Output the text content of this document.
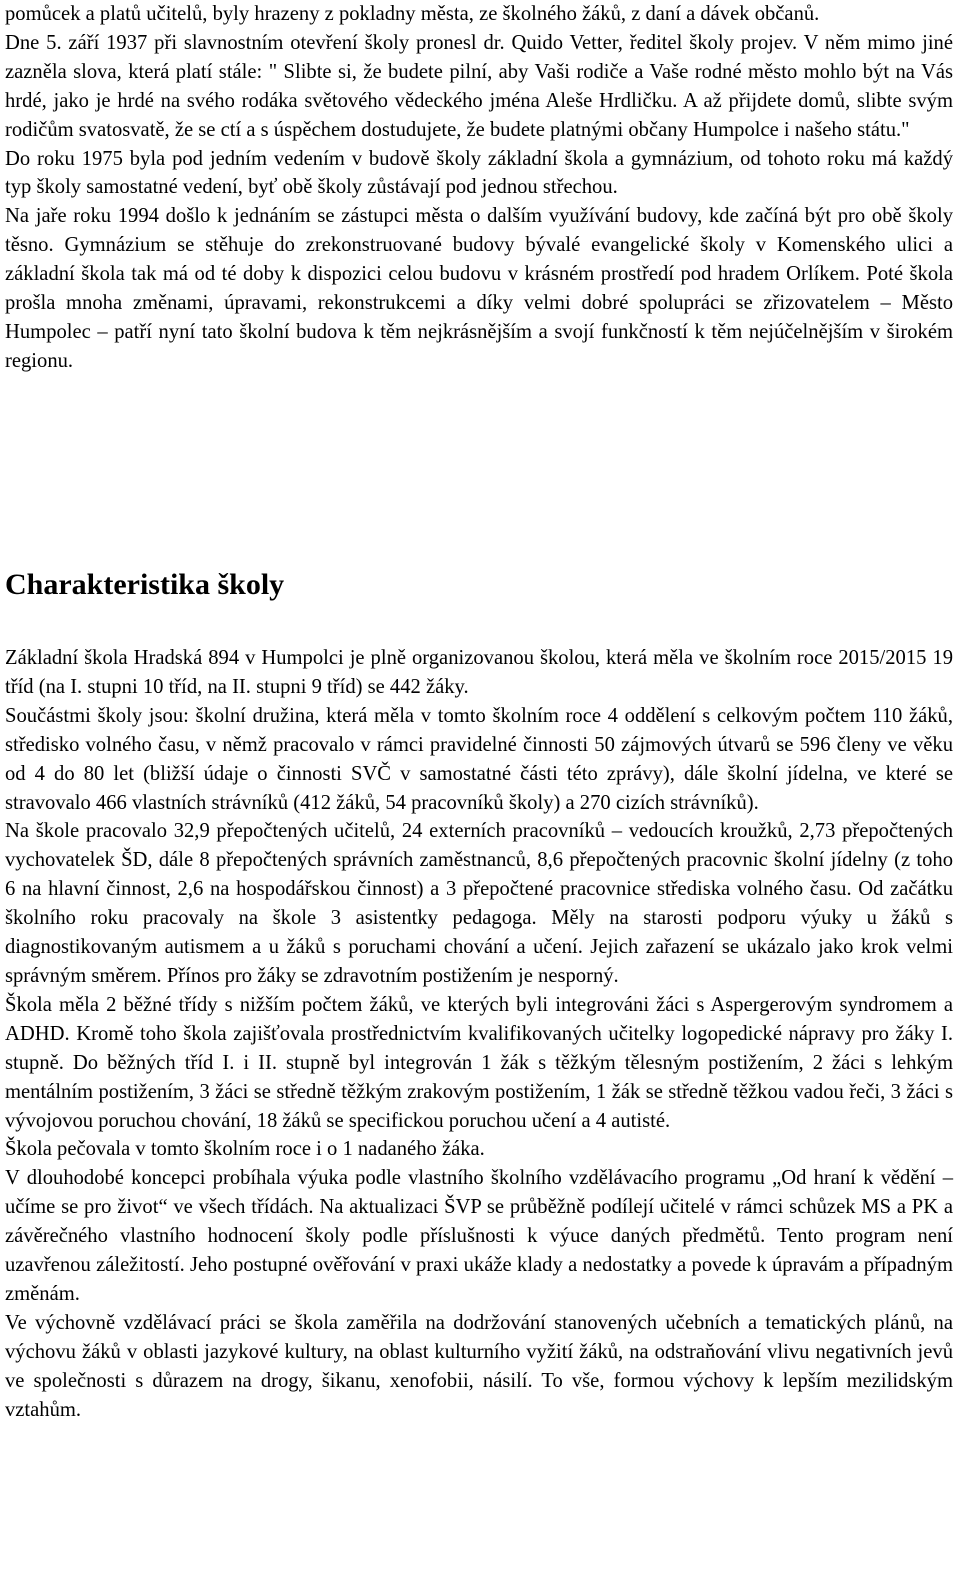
pomůcek a platů učitelů, byly hrazeny z pokladny města, ze školného žáků, z daní a dávek občanů.

Dne 5. září 1937 při slavnostním otevření školy pronesl dr. Quido Vetter, ředitel školy projev. V něm mimo jiné zazněla slova, která platí stále: " Slibte si, že budete pilní, aby Vaši rodiče a Vaše rodné město mohlo být na Vás hrdé, jako je hrdé na svého rodáka světového vědeckého jména Aleše Hrdličku. A až přijdete domů, slibte svým rodičům svatosvatě, že se ctí a s úspěchem dostudujete, že budete platnými občany Humpolce i našeho státu."

Do roku 1975 byla pod jedním vedením v budově školy základní škola a gymnázium, od tohoto roku má každý typ školy samostatné vedení, byť obě školy zůstávají pod jednou střechou.

Na jaře roku 1994 došlo k jednáním se zástupci města o dalším využívání budovy, kde začíná být pro obě školy těsno. Gymnázium se stěhuje do zrekonstruované budovy bývalé evangelické školy v Komenského ulici a základní škola tak má od té doby k dispozici celou budovu v krásném prostředí pod hradem Orlíkem. Poté škola prošla mnoha změnami, úpravami, rekonstrukcemi a díky velmi dobré spolupráci se zřizovatelem – Město Humpolec – patří nyní tato školní budova k těm nejkrásnějším a svojí funkčností k těm nejúčelnějším v širokém regionu.

Charakteristika školy

Základní škola Hradská 894 v Humpolci je plně organizovanou školou, která měla ve školním roce 2015/2015 19 tříd (na I. stupni 10 tříd, na II. stupni 9 tříd) se 442 žáky.

Součástmi školy jsou: školní družina, která měla v tomto školním roce 4 oddělení s celkovým počtem 110 žáků, středisko volného času, v němž pracovalo v rámci pravidelné činnosti 50 zájmových útvarů se 596 členy ve věku od 4 do 80 let (bližší údaje o činnosti SVČ v samostatné části této zprávy), dále školní jídelna, ve které se stravovalo 466 vlastních strávníků (412 žáků, 54 pracovníků školy) a 270 cizích strávníků).

Na škole pracovalo 32,9 přepočtených učitelů, 24 externích pracovníků – vedoucích kroužků, 2,73 přepočtených vychovatelek ŠD, dále 8 přepočtených správních zaměstnanců, 8,6 přepočtených pracovnic školní jídelny (z toho 6 na hlavní činnost, 2,6 na hospodářskou činnost) a 3 přepočtené pracovnice střediska volného času. Od začátku školního roku pracovaly na škole 3 asistentky pedagoga. Měly na starosti podporu výuky u žáků s diagnostikovaným autismem a u žáků s poruchami chování a učení. Jejich zařazení se ukázalo jako krok velmi správným směrem. Přínos pro žáky se zdravotním postižením je nesporný.

Škola měla 2 běžné třídy s nižším počtem žáků, ve kterých byli integrováni žáci s Aspergerovým syndromem a ADHD. Kromě toho škola zajišťovala prostřednictvím kvalifikovaných učitelky logopedické nápravy pro žáky I. stupně. Do běžných tříd I. i II. stupně byl integrován 1 žák s těžkým tělesným postižením, 2 žáci s lehkým mentálním postižením, 3 žáci se středně těžkým zrakovým postižením, 1 žák se středně těžkou vadou řeči, 3 žáci s vývojovou poruchou chování, 18 žáků se specifickou poruchou učení a 4 autisté.

Škola pečovala v tomto školním roce i o 1 nadaného žáka.

V dlouhodobé koncepci probíhala výuka podle vlastního školního vzdělávacího programu „Od hraní k vědění – učíme se pro život“ ve všech třídách. Na aktualizaci ŠVP se průběžně podílejí učitelé v rámci schůzek MS a PK a závěrečného vlastního hodnocení školy podle příslušnosti k výuce daných předmětů. Tento program není uzavřenou záležitostí. Jeho postupné ověřování v praxi ukáže klady a nedostatky a povede k úpravám a případným změnám.

Ve výchovně vzdělávací práci se škola zaměřila na dodržování stanovených učebních a tematických plánů, na výchovu žáků v oblasti jazykové kultury, na oblast kulturního vyžití žáků, na odstraňování vlivu negativních jevů ve společnosti s důrazem na drogy, šikanu, xenofobii, násilí. To vše, formou výchovy k lepším mezilidským vztahům.
